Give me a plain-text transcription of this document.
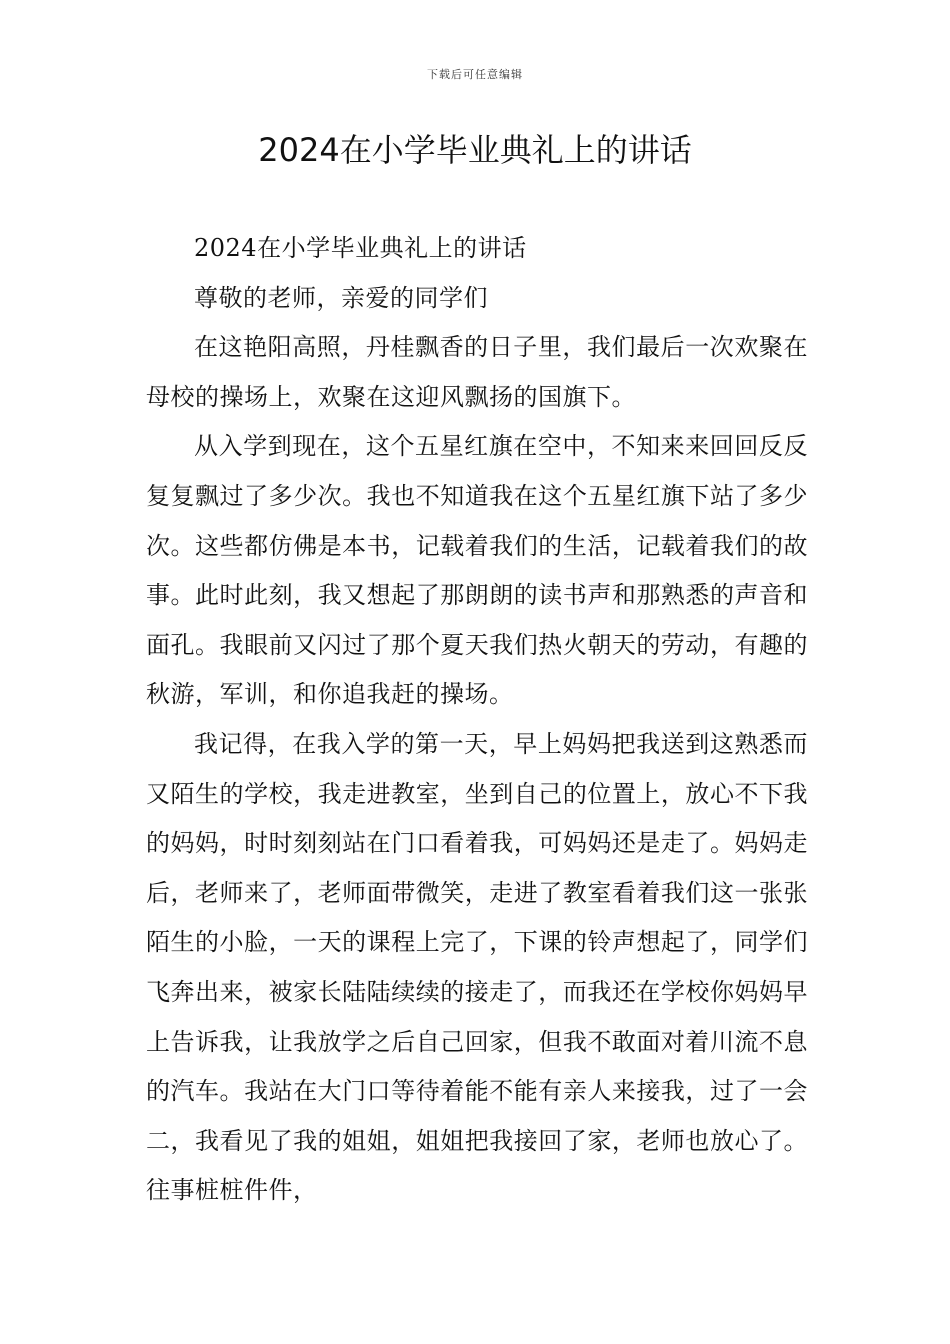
下载后可任意编辑
2024在小学毕业典礼上的讲话

2024在小学毕业典礼上的讲话

尊敬的老师，亲爱的同学们

在这艳阳高照，丹桂飘香的日子里，我们最后一次欢聚在母校的操场上，欢聚在这迎风飘扬的国旗下。

从入学到现在，这个五星红旗在空中，不知来来回回反反复复飘过了多少次。我也不知道我在这个五星红旗下站了多少次。这些都仿佛是本书，记载着我们的生活，记载着我们的故事。此时此刻，我又想起了那朗朗的读书声和那熟悉的声音和面孔。我眼前又闪过了那个夏天我们热火朝天的劳动，有趣的秋游，军训，和你追我赶的操场。

我记得，在我入学的第一天，早上妈妈把我送到这熟悉而又陌生的学校，我走进教室，坐到自己的位置上，放心不下我的妈妈，时时刻刻站在门口看着我，可妈妈还是走了。妈妈走后，老师来了，老师面带微笑，走进了教室看着我们这一张张陌生的小脸，一天的课程上完了，下课的铃声想起了，同学们飞奔出来，被家长陆陆续续的接走了，而我还在学校你妈妈早上告诉我，让我放学之后自己回家，但我不敢面对着川流不息的汽车。我站在大门口等待着能不能有亲人来接我，过了一会二，我看见了我的姐姐，姐姐把我接回了家，老师也放心了。往事桩桩件件，
